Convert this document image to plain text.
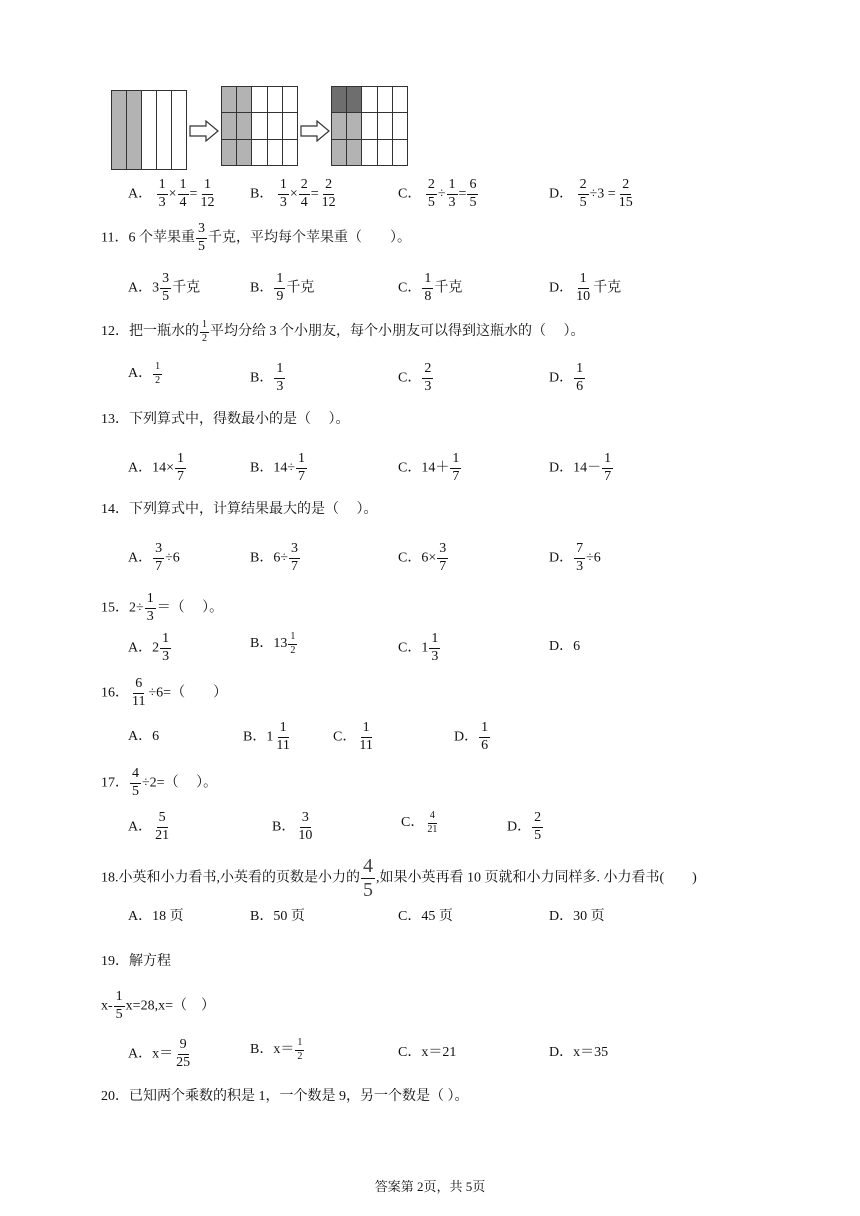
A． $\frac{1}{3} \times \frac{1}{4} = \frac{1}{12}$ B． $\frac{1}{3} \times \frac{2}{4} = \frac{2}{12}$	C． $\frac{2}{5} \div \frac{1}{3} = \frac{6}{5}$	D． $\frac{2}{5} \div 3 = \frac{2}{15}$
11．6 个苹果重 $\frac{3}{5}$ 千克，平均每个苹果重（　　）。
A．$3 \frac{3}{5}$ 千克	B． $\frac{1}{9}$ 千克	C． $\frac{1}{8}$ 千克	D． $\frac{1}{10}$ 千克
12．把一瓶水的 $\frac{1}{2}$ 平均分给 3 个小朋友，每个小朋友可以得到这瓶水的（　 ）。
A． $\frac{1}{2}$	B． $\frac{1}{3}$	C． $\frac{2}{3}$	D． $\frac{1}{6}$
13．下列算式中，得数最小的是（　 ）。
A．$14\times \frac{1}{7}$	B．$14\div \frac{1}{7}$	C．$14+ \frac{1}{7}$	D．$14- \frac{1}{7}$
14．下列算式中，计算结果最大的是（　 ）。
A． $\frac{3}{7} \div 6$	B．$6\div \frac{3}{7}$	C．$6\times \frac{3}{7}$	D． $\frac{7}{3} \div 6$
15．$2\div \frac{1}{3}$ ＝（　 ）。
A．$2 \frac{1}{3}$	B．$13 \frac{1}{2}$	C．$1 \frac{1}{3}$	D．6
16． $\frac{6}{11} \div 6=$（　　）
A．6	B．$1 \frac{1}{11}$	C． $\frac{1}{11}$	D． $\frac{1}{6}$
17． $\frac{4}{5} \div 2=$（　 ）。
A． $\frac{5}{21}$	B． $\frac{3}{10}$	C． $\frac{4}{21}$	D． $\frac{2}{5}$
18.小英和小力看书,小英看的页数是小力的 $\frac{4}{5}$ ,如果小英再看 10 页就和小力同样多. 小力看书(　　)
A．18 页	B．50 页	C．45 页	D．30 页
19．解方程
$x- \frac{1}{5} x=28,x=$（　）
A．$x= \frac{9}{25}$	B．$x= \frac{1}{2}$	C．x＝21	D．x＝35
20．已知两个乘数的积是 1，一个数是 9，另一个数是（ ）。
答案第 2页，共 5页
